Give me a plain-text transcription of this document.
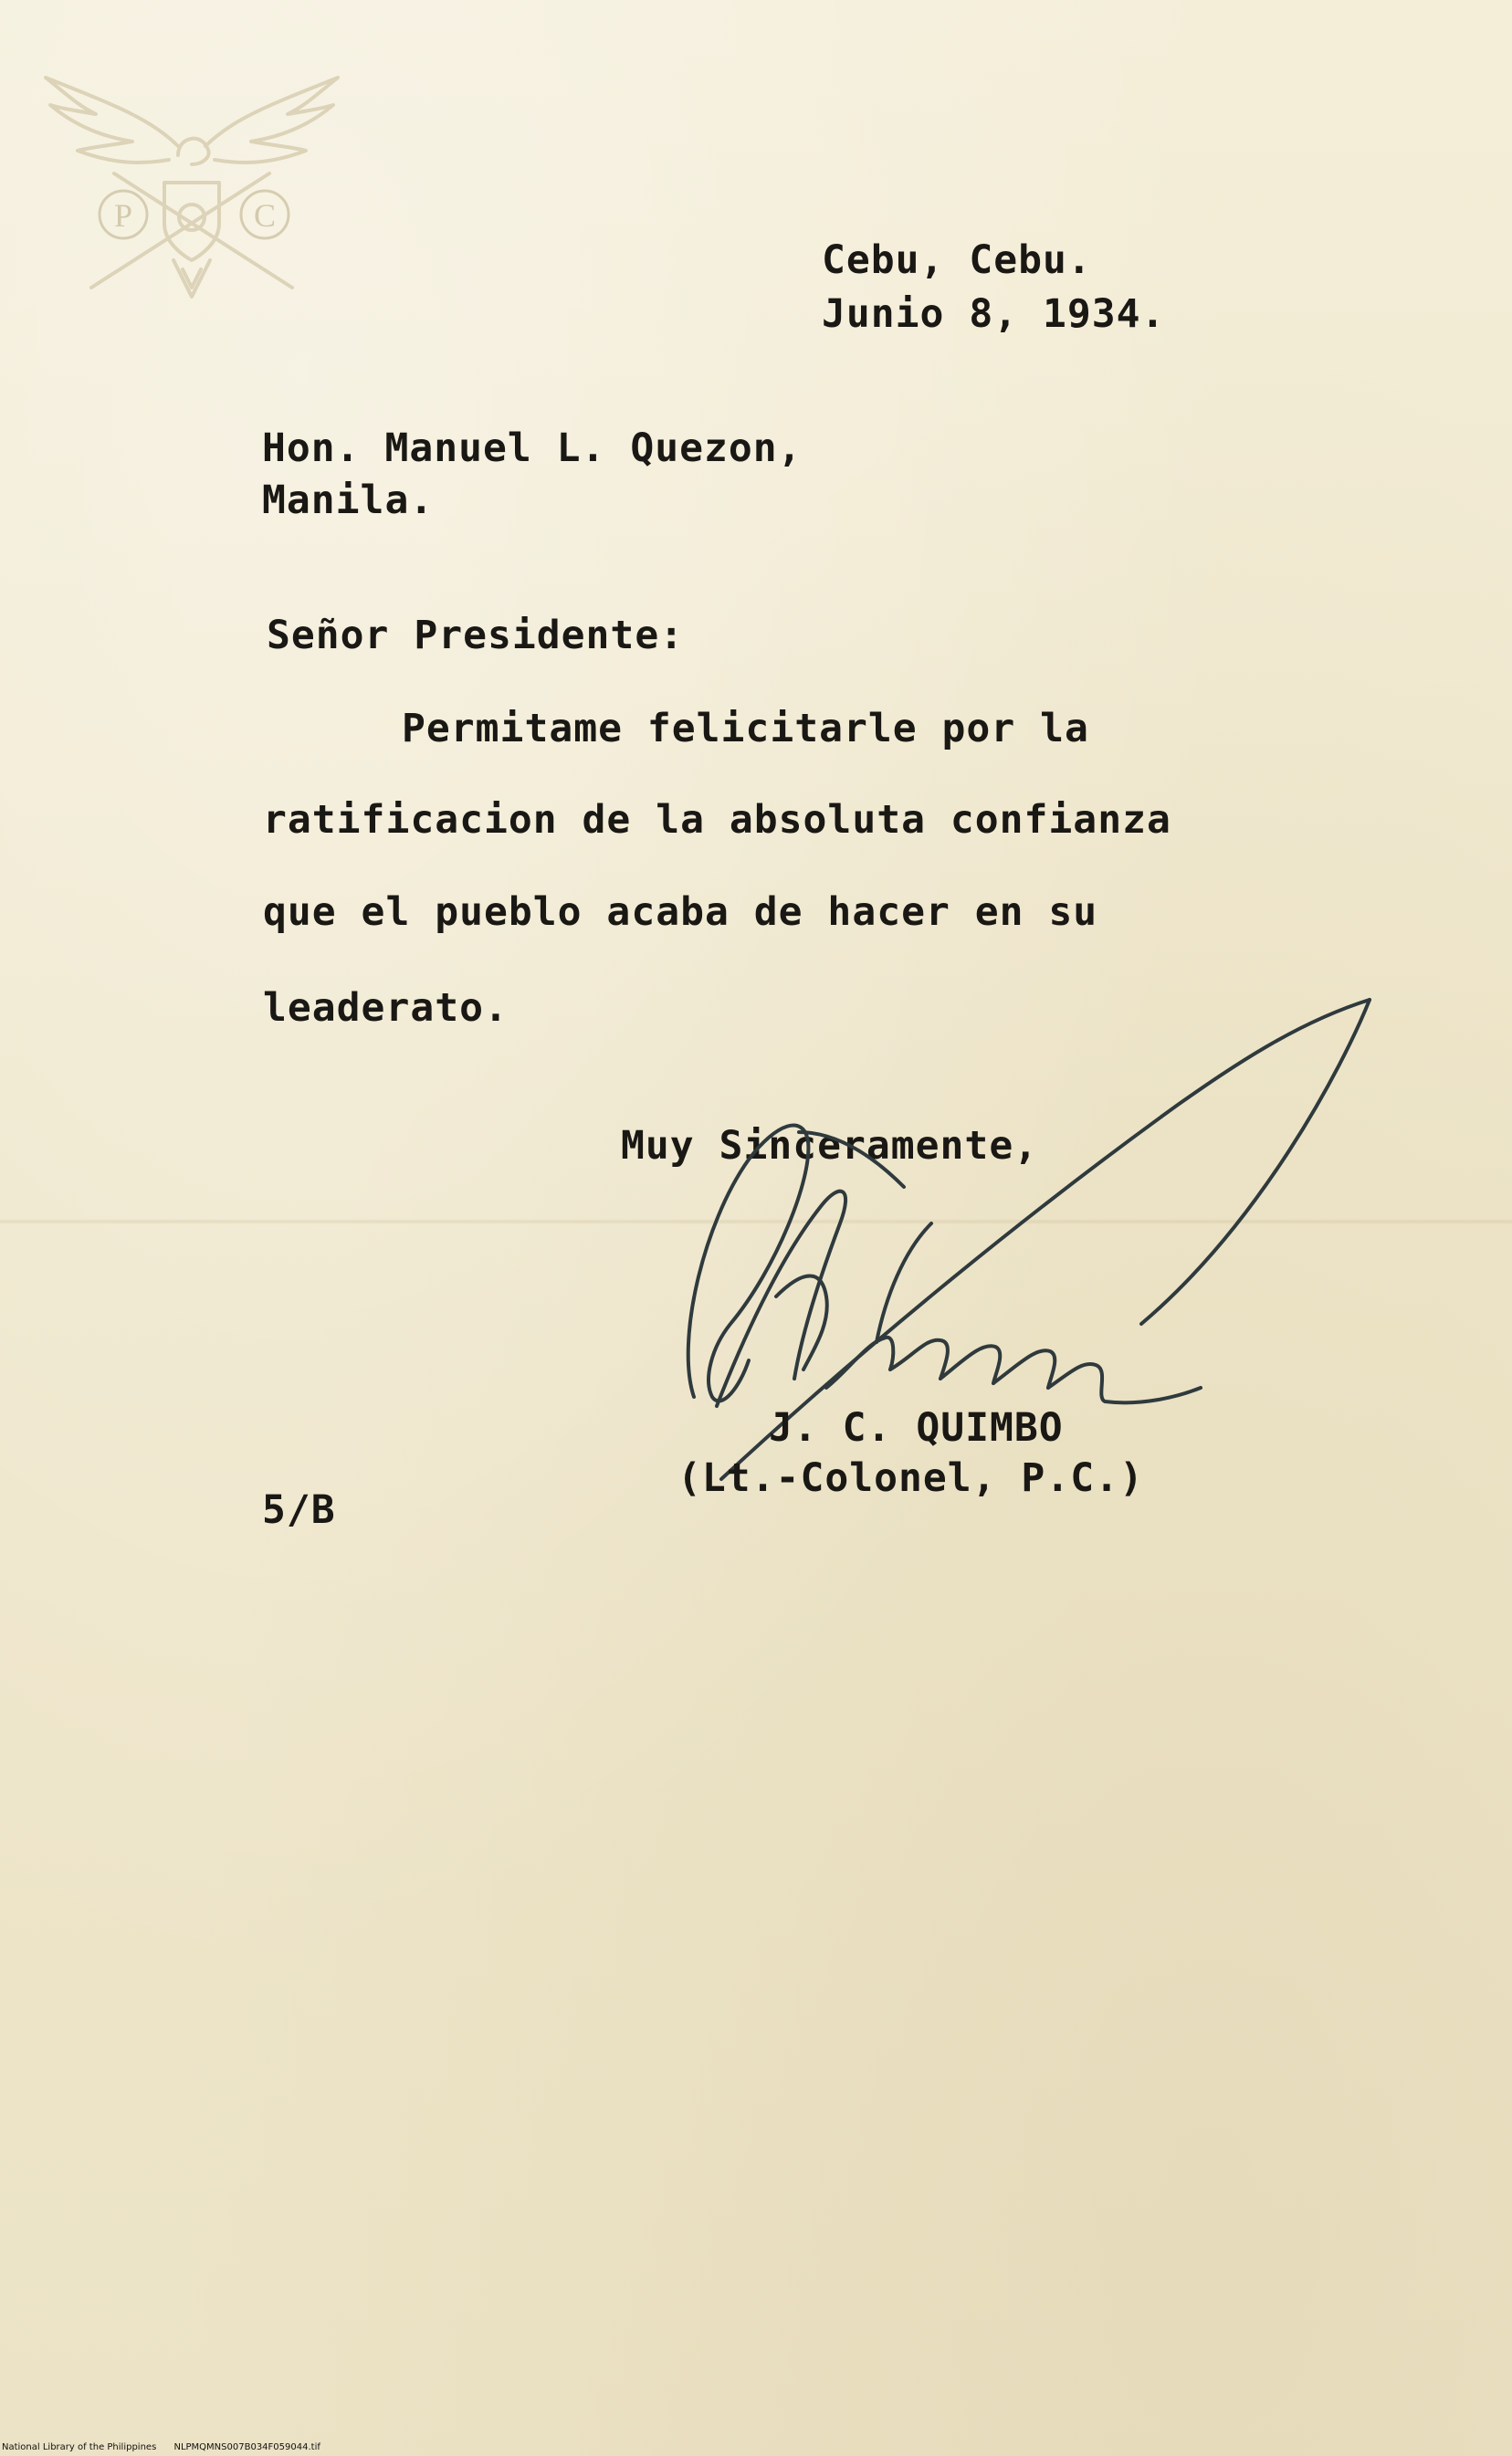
P	C
Cebu, Cebu.
Junio 8, 1934.
Hon. Manuel L. Quezon,
Manila.
Señor Presidente:
Permitame felicitarle por la
ratificacion de la absoluta confianza
que el pueblo acaba de hacer en su
leaderato.
Muy Sinceramente,
J. C. QUIMBO
(Lt.-Colonel, P.C.)
5/B
National Library of the Philippines NLPMQMNS007B034F059044.tif
